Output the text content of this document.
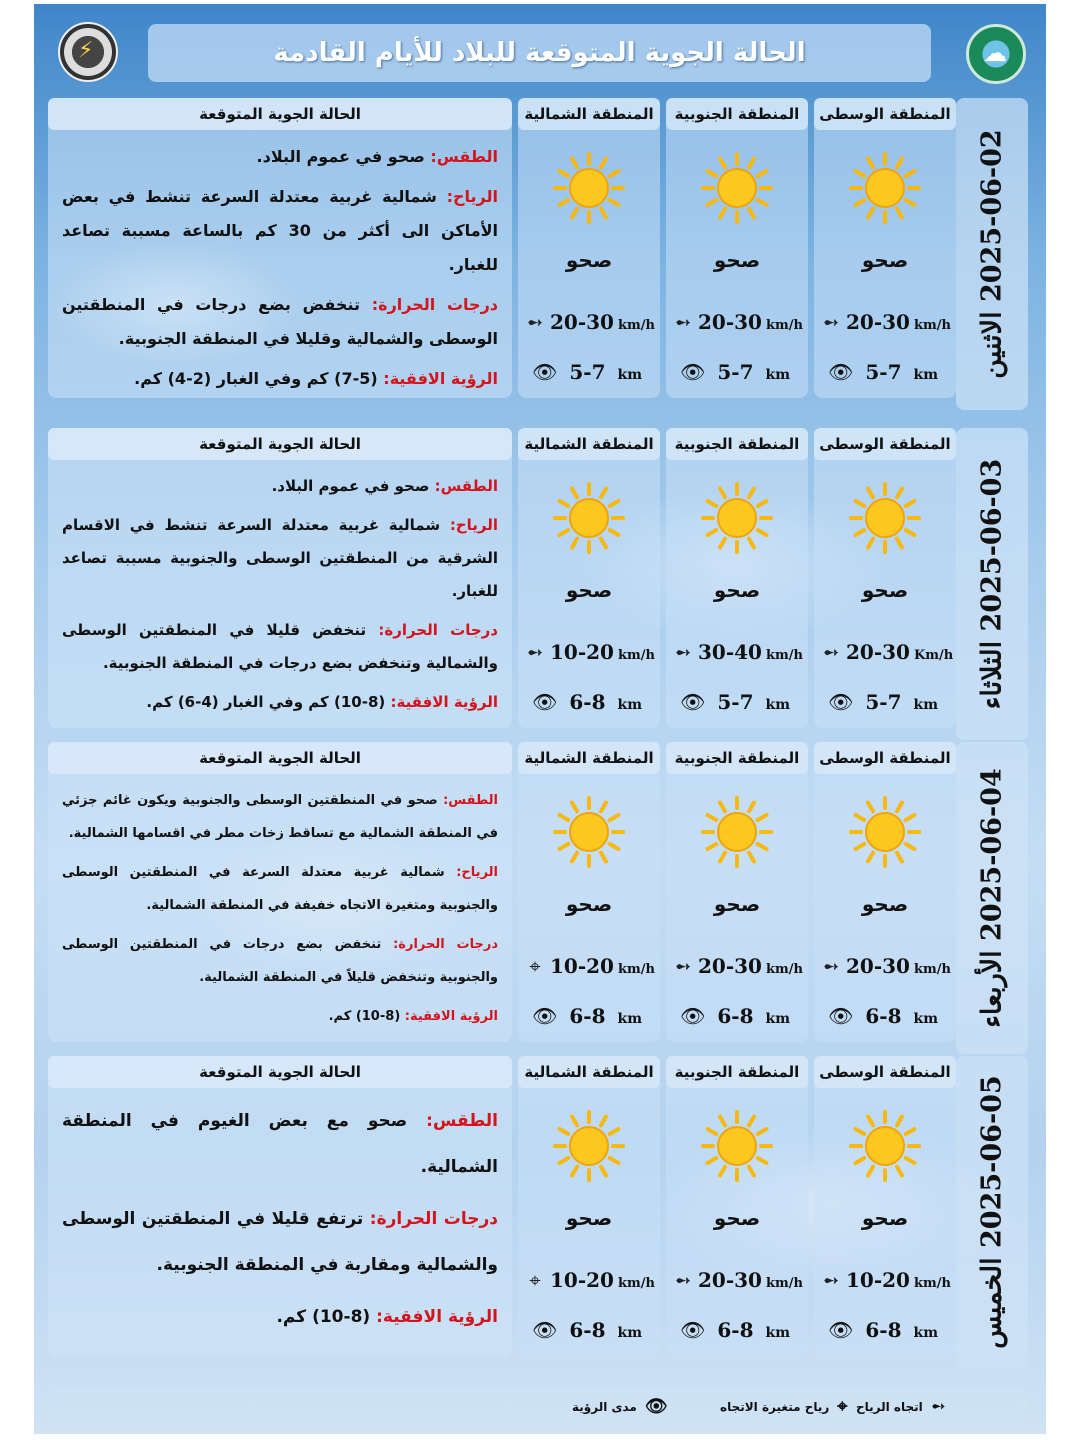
⚡
☁
الحالة الجوية المتوقعة للبلاد للأيام القادمة
2025-06-02 الاثنين
المنطقة الوسطى
صحو
➻ 20-30 km/h
👁 5-7 km
المنطقة الجنوبية
صحو
➻ 20-30 km/h
👁 5-7 km
المنطقة الشمالية
صحو
➻ 20-30 km/h
👁 5-7 km
الحالة الجوية المتوقعة

الطقس: صحو في عموم البلاد.

الرياح: شمالية غربية معتدلة السرعة تنشط في بعض الأماكن الى أكثر من 30 كم بالساعة مسببة تصاعد للغبار.

درجات الحرارة: تنخفض بضع درجات في المنطقتين الوسطى والشمالية وقليلا في المنطقة الجنوبية.

الرؤية الافقية: (5-7) كم وفي الغبار (2-4) كم.

2025-06-03 الثلاثاء
المنطقة الوسطى
صحو
➻ 20-30 Km/h
👁 5-7 km
المنطقة الجنوبية
صحو
➻ 30-40 km/h
👁 5-7 km
المنطقة الشمالية
صحو
➻ 10-20 km/h
👁 6-8 km
الحالة الجوية المتوقعة

الطقس: صحو في عموم البلاد.

الرياح: شمالية غربية معتدلة السرعة تنشط في الاقسام الشرقية من المنطقتين الوسطى والجنوبية مسببة تصاعد للغبار.

درجات الحرارة: تنخفض قليلا في المنطقتين الوسطى والشمالية وتنخفض بضع درجات في المنطقة الجنوبية.

الرؤية الافقية: (8-10) كم وفي الغبار (4-6) كم.

2025-06-04 الأربعاء
المنطقة الوسطى
صحو
➻ 20-30 km/h
👁 6-8 km
المنطقة الجنوبية
صحو
➻ 20-30 km/h
👁 6-8 km
المنطقة الشمالية
صحو
⌖ 10-20 km/h
👁 6-8 km
الحالة الجوية المتوقعة

الطقس: صحو في المنطقتين الوسطى والجنوبية ويكون غائم جزئي في المنطقة الشمالية مع تساقط زخات مطر في اقسامها الشمالية.

الرياح: شمالية غربية معتدلة السرعة في المنطقتين الوسطى والجنوبية ومتغيرة الاتجاه خفيفة في المنطقة الشمالية.

درجات الحرارة: تنخفض بضع درجات في المنطقتين الوسطى والجنوبية وتنخفض قليلاً في المنطقة الشمالية.

الرؤية الافقية: (8-10) كم.

2025-06-05 الخميس
المنطقة الوسطى
صحو
➻ 10-20 km/h
👁 6-8 km
المنطقة الجنوبية
صحو
➻ 20-30 km/h
👁 6-8 km
المنطقة الشمالية
صحو
⌖ 10-20 km/h
👁 6-8 km
الحالة الجوية المتوقعة

الطقس: صحو مع بعض الغيوم في المنطقة الشمالية.

درجات الحرارة: ترتفع قليلا في المنطقتين الوسطى والشمالية ومقاربة في المنطقة الجنوبية.

الرؤية الافقية: (8-10) كم.

➻
اتجاه الرياح
⌖
رياح متغيرة الاتجاه
👁
مدى الرؤية
